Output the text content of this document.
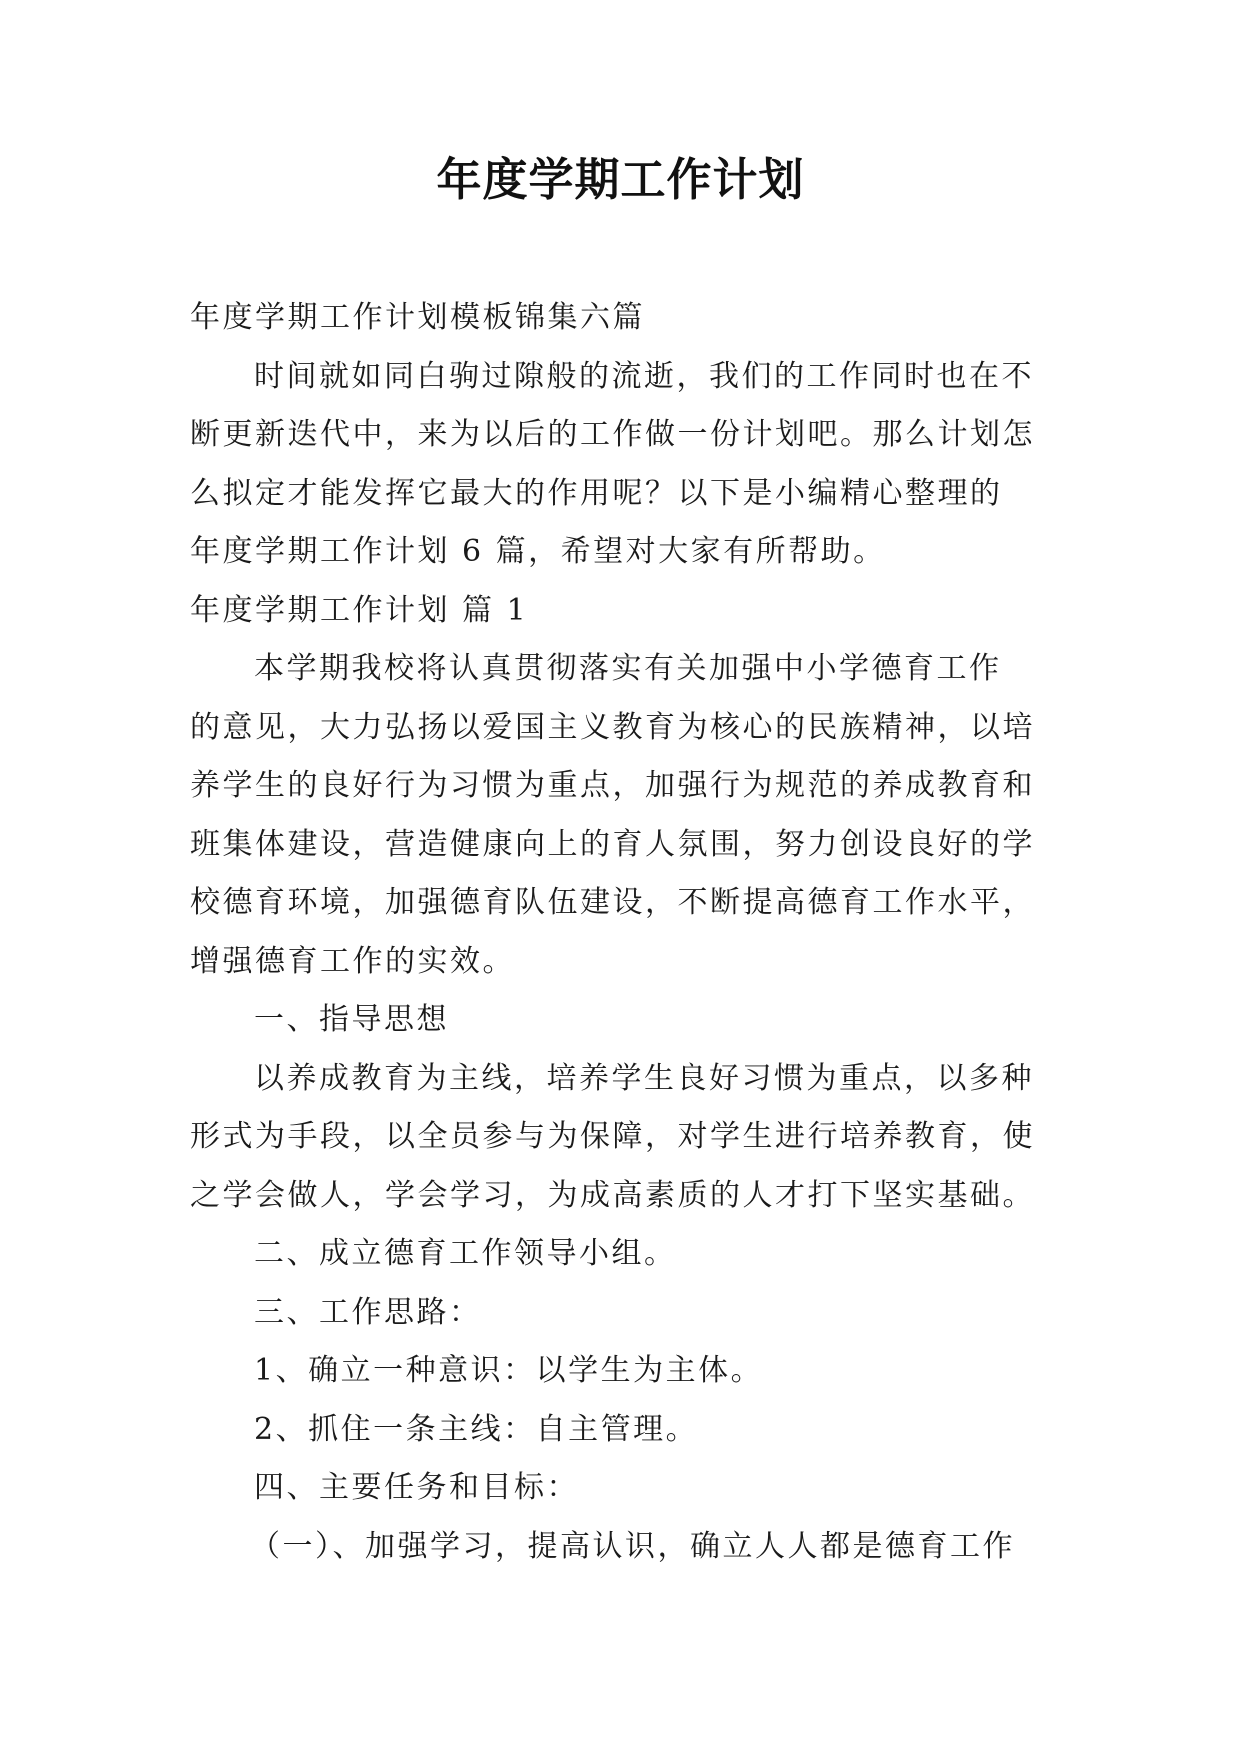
年度学期工作计划
年度学期工作计划模板锦集六篇
时间就如同白驹过隙般的流逝，我们的工作同时也在不
断更新迭代中，来为以后的工作做一份计划吧。那么计划怎
么拟定才能发挥它最大的作用呢？以下是小编精心整理的
年度学期工作计划 6 篇，希望对大家有所帮助。
年度学期工作计划 篇 1
本学期我校将认真贯彻落实有关加强中小学德育工作
的意见，大力弘扬以爱国主义教育为核心的民族精神，以培
养学生的良好行为习惯为重点，加强行为规范的养成教育和
班集体建设，营造健康向上的育人氛围，努力创设良好的学
校德育环境，加强德育队伍建设，不断提高德育工作水平，
增强德育工作的实效。
一、指导思想
以养成教育为主线，培养学生良好习惯为重点，以多种
形式为手段，以全员参与为保障，对学生进行培养教育，使
之学会做人，学会学习，为成高素质的人才打下坚实基础。
二、成立德育工作领导小组。
三、工作思路：
1、确立一种意识：以学生为主体。
2、抓住一条主线：自主管理。
四、主要任务和目标：
（一）、加强学习，提高认识，确立人人都是德育工作
